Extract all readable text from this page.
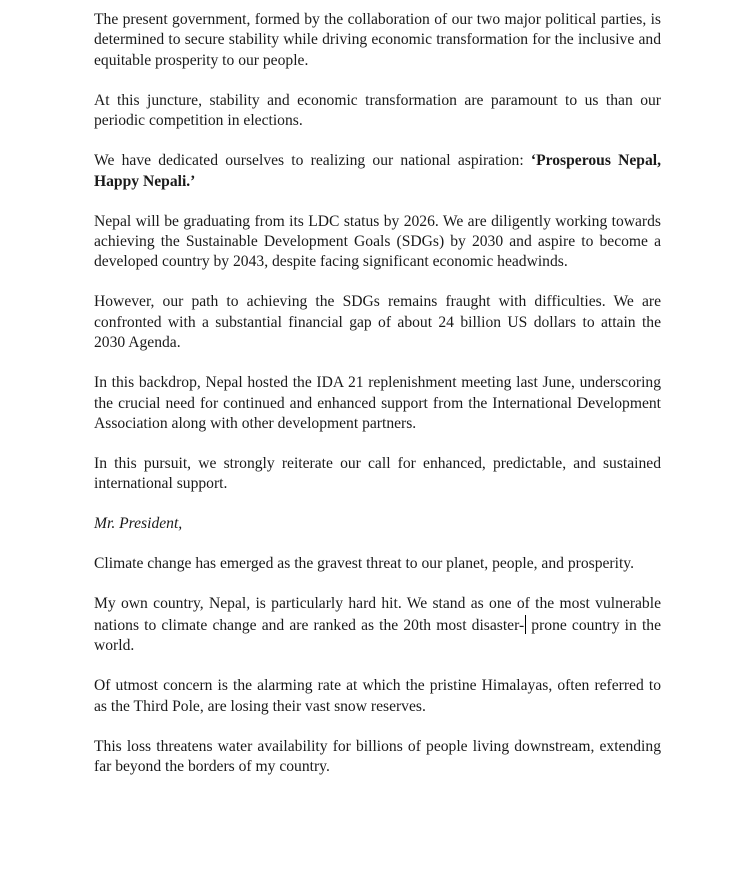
The present government, formed by the collaboration of our two major political parties, is determined to secure stability while driving economic transformation for the inclusive and equitable prosperity to our people.

At this juncture, stability and economic transformation are paramount to us than our periodic competition in elections.

We have dedicated ourselves to realizing our national aspiration: ‘Prosperous Nepal, Happy Nepali.’

Nepal will be graduating from its LDC status by 2026. We are diligently working towards achieving the Sustainable Development Goals (SDGs) by 2030 and aspire to become a developed country by 2043, despite facing significant economic headwinds.

However, our path to achieving the SDGs remains fraught with difficulties. We are confronted with a substantial financial gap of about 24 billion US dollars to attain the 2030 Agenda.

In this backdrop, Nepal hosted the IDA 21 replenishment meeting last June, underscoring the crucial need for continued and enhanced support from the International Development Association along with other development partners.

In this pursuit, we strongly reiterate our call for enhanced, predictable, and sustained international support.

Mr. President,

Climate change has emerged as the gravest threat to our planet, people, and prosperity.

My own country, Nepal, is particularly hard hit. We stand as one of the most vulnerable nations to climate change and are ranked as the 20th most disaster- prone country in the world.

Of utmost concern is the alarming rate at which the pristine Himalayas, often referred to as the Third Pole, are losing their vast snow reserves.

This loss threatens water availability for billions of people living downstream, extending far beyond the borders of my country.
